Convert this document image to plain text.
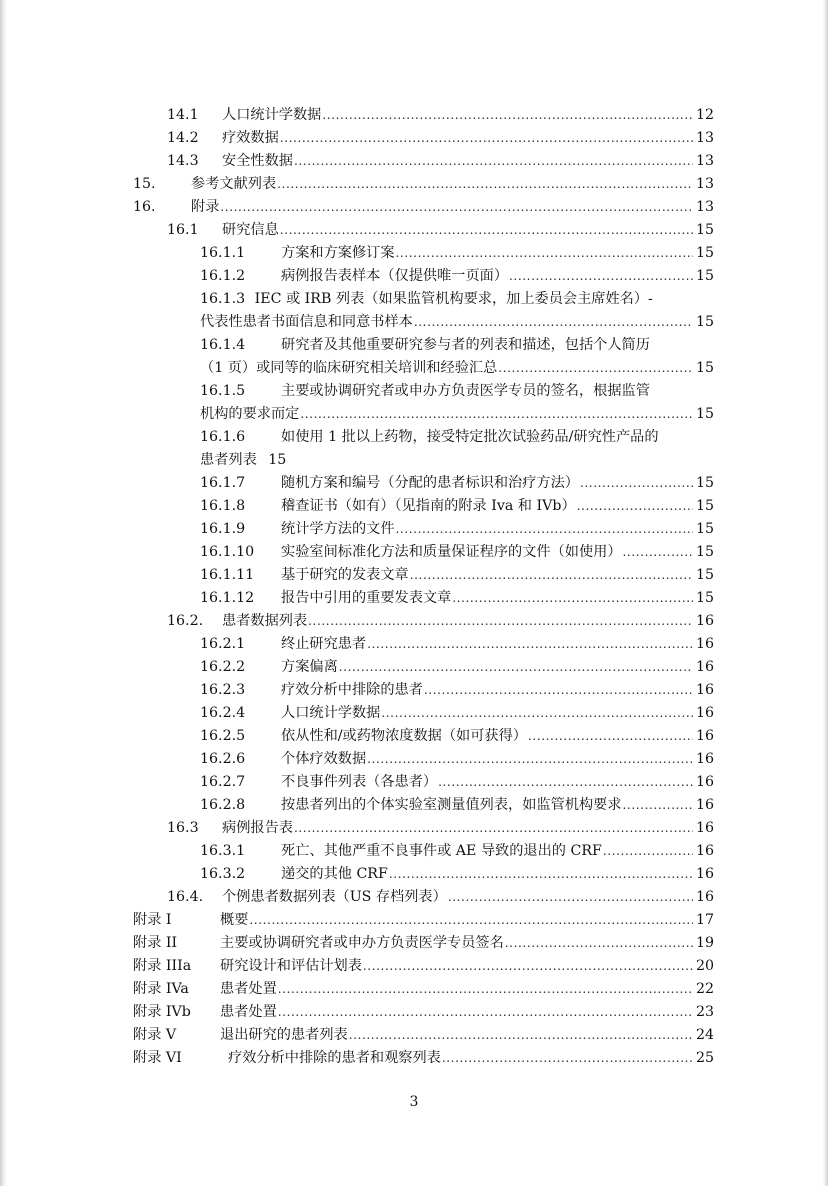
14.1	人口统计学数据 .....	12
14.2	疗效数据 .....	13
14.3	安全性数据 .....	13
15.	参考文献列表 .....	13
16.	附录 .....	13
16.1	研究信息 .....	15
16.1.1	方案和方案修订案 .....	15
16.1.2	病例报告表样本（仅提供唯一页面） .....	15
16.1.3 IEC 或 IRB 列表（如果监管机构要求，加上委员会主席姓名）-
代表性患者书面信息和同意书样本 .....	15
16.1.4	研究者及其他重要研究参与者的列表和描述，包括个人简历
（1 页）或同等的临床研究相关培训和经验汇总 .....	15
16.1.5	主要或协调研究者或申办方负责医学专员的签名，根据监管
机构的要求而定 .....	15
16.1.6	如使用 1 批以上药物，接受特定批次试验药品/研究性产品的
患者列表 15
16.1.7	随机方案和编号（分配的患者标识和治疗方法） .....	15
16.1.8	稽查证书（如有）（见指南的附录 Iva 和 IVb） .....	15
16.1.9	统计学方法的文件 .....	15
16.1.10	实验室间标准化方法和质量保证程序的文件（如使用） .....	15
16.1.11	基于研究的发表文章 .....	15
16.1.12	报告中引用的重要发表文章 .....	15
16.2.	患者数据列表 .....	16
16.2.1	终止研究患者 .....	16
16.2.2	方案偏离 .....	16
16.2.3	疗效分析中排除的患者 .....	16
16.2.4	人口统计学数据 .....	16
16.2.5	依从性和/或药物浓度数据（如可获得） .....	16
16.2.6	个体疗效数据 .....	16
16.2.7	不良事件列表（各患者） .....	16
16.2.8	按患者列出的个体实验室测量值列表，如监管机构要求 .....	16
16.3	病例报告表 .....	16
16.3.1	死亡、其他严重不良事件或 AE 导致的退出的 CRF .....	16
16.3.2	递交的其他 CRF .....	16
16.4.	个例患者数据列表（US 存档列表） .....	16
附录 I	概要 .....	17
附录 II	主要或协调研究者或申办方负责医学专员签名 .....	19
附录 IIIa	研究设计和评估计划表 .....	20
附录 IVa	患者处置 .....	22
附录 IVb	患者处置 .....	23
附录 V	退出研究的患者列表 .....	24
附录 VI	疗效分析中排除的患者和观察列表 .....	25
3
